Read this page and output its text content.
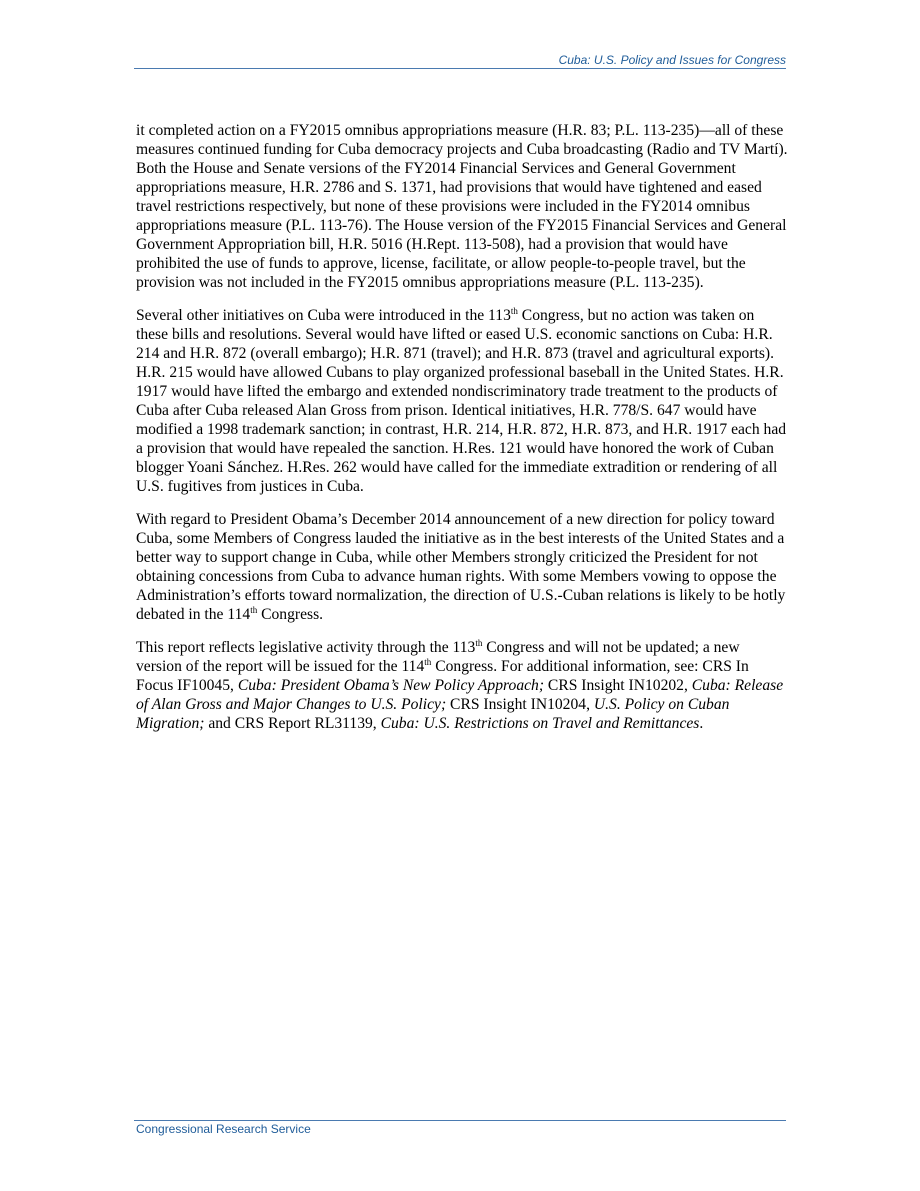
Cuba: U.S. Policy and Issues for Congress

it completed action on a FY2015 omnibus appropriations measure (H.R. 83; P.L. 113-235)—all of these measures continued funding for Cuba democracy projects and Cuba broadcasting (Radio and TV Martí). Both the House and Senate versions of the FY2014 Financial Services and General Government appropriations measure, H.R. 2786 and S. 1371, had provisions that would have tightened and eased travel restrictions respectively, but none of these provisions were included in the FY2014 omnibus appropriations measure (P.L. 113-76). The House version of the FY2015 Financial Services and General Government Appropriation bill, H.R. 5016 (H.Rept. 113-508), had a provision that would have prohibited the use of funds to approve, license, facilitate, or allow people-to-people travel, but the provision was not included in the FY2015 omnibus appropriations measure (P.L. 113-235).

Several other initiatives on Cuba were introduced in the 113th Congress, but no action was taken on these bills and resolutions. Several would have lifted or eased U.S. economic sanctions on Cuba: H.R. 214 and H.R. 872 (overall embargo); H.R. 871 (travel); and H.R. 873 (travel and agricultural exports). H.R. 215 would have allowed Cubans to play organized professional baseball in the United States. H.R. 1917 would have lifted the embargo and extended nondiscriminatory trade treatment to the products of Cuba after Cuba released Alan Gross from prison. Identical initiatives, H.R. 778/S. 647 would have modified a 1998 trademark sanction; in contrast, H.R. 214, H.R. 872, H.R. 873, and H.R. 1917 each had a provision that would have repealed the sanction. H.Res. 121 would have honored the work of Cuban blogger Yoani Sánchez. H.Res. 262 would have called for the immediate extradition or rendering of all U.S. fugitives from justices in Cuba.

With regard to President Obama’s December 2014 announcement of a new direction for policy toward Cuba, some Members of Congress lauded the initiative as in the best interests of the United States and a better way to support change in Cuba, while other Members strongly criticized the President for not obtaining concessions from Cuba to advance human rights. With some Members vowing to oppose the Administration’s efforts toward normalization, the direction of U.S.-Cuban relations is likely to be hotly debated in the 114th Congress.

This report reflects legislative activity through the 113th Congress and will not be updated; a new version of the report will be issued for the 114th Congress. For additional information, see: CRS In Focus IF10045, Cuba: President Obama’s New Policy Approach; CRS Insight IN10202, Cuba: Release of Alan Gross and Major Changes to U.S. Policy; CRS Insight IN10204, U.S. Policy on Cuban Migration; and CRS Report RL31139, Cuba: U.S. Restrictions on Travel and Remittances.

Congressional Research Service
